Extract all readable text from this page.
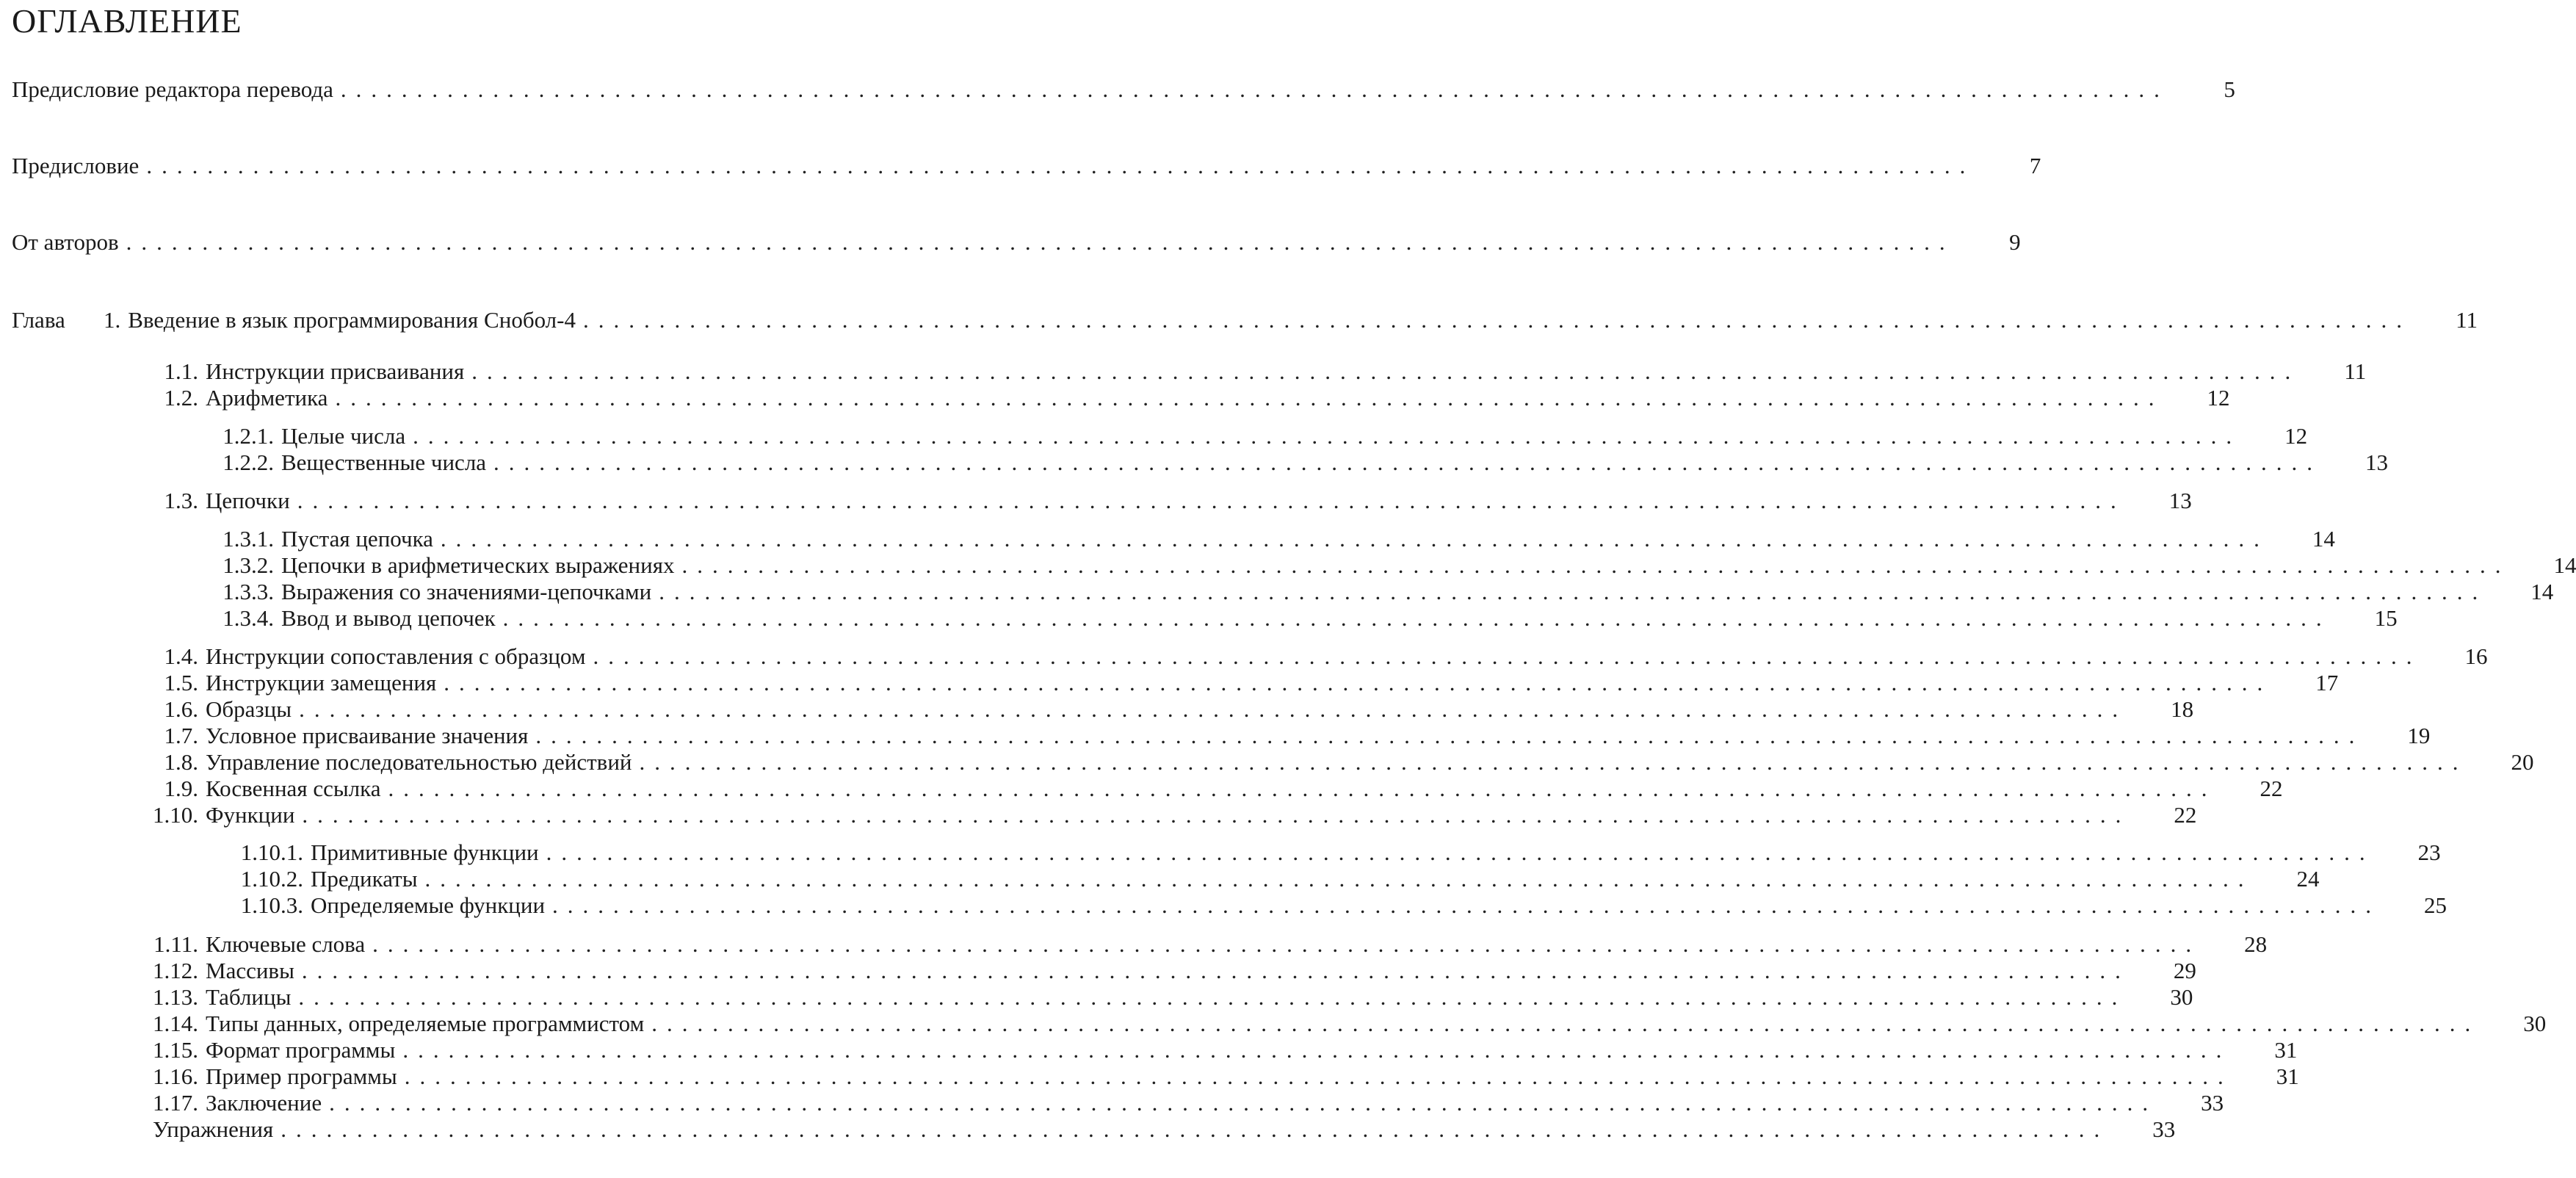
ОГЛАВЛЕНИЕ
Предисловие редактора перевода ........................................................................................................................	5
Предисловие ........................................................................................................................	7
От авторов ........................................................................................................................	9
Глава	1. Введение в язык программирования Снобол-4 ........................................................................................................................	11
1.1. Инструкции присваивания ........................................................................................................................	11
1.2. Арифметика ........................................................................................................................	12
1.2.1. Целые числа ........................................................................................................................	12
1.2.2. Вещественные числа ........................................................................................................................	13
1.3. Цепочки ........................................................................................................................	13
1.3.1. Пустая цепочка ........................................................................................................................	14
1.3.2. Цепочки в арифметических выражениях ........................................................................................................................	14
1.3.3. Выражения со значениями-цепочками ........................................................................................................................	14
1.3.4. Ввод и вывод цепочек ........................................................................................................................	15
1.4. Инструкции сопоставления с образцом ........................................................................................................................	16
1.5. Инструкции замещения ........................................................................................................................	17
1.6. Образцы ........................................................................................................................	18
1.7. Условное присваивание значения ........................................................................................................................	19
1.8. Управление последовательностью действий ........................................................................................................................	20
1.9. Косвенная ссылка ........................................................................................................................	22
1.10. Функции ........................................................................................................................	22
1.10.1. Примитивные функции ........................................................................................................................	23
1.10.2. Предикаты ........................................................................................................................	24
1.10.3. Определяемые функции ........................................................................................................................	25
1.11. Ключевые слова ........................................................................................................................	28
1.12. Массивы ........................................................................................................................	29
1.13. Таблицы ........................................................................................................................	30
1.14. Типы данных, определяемые программистом ........................................................................................................................	30
1.15. Формат программы ........................................................................................................................	31
1.16. Пример программы ........................................................................................................................	31
1.17. Заключение ........................................................................................................................	33
Упражнения ........................................................................................................................	33
